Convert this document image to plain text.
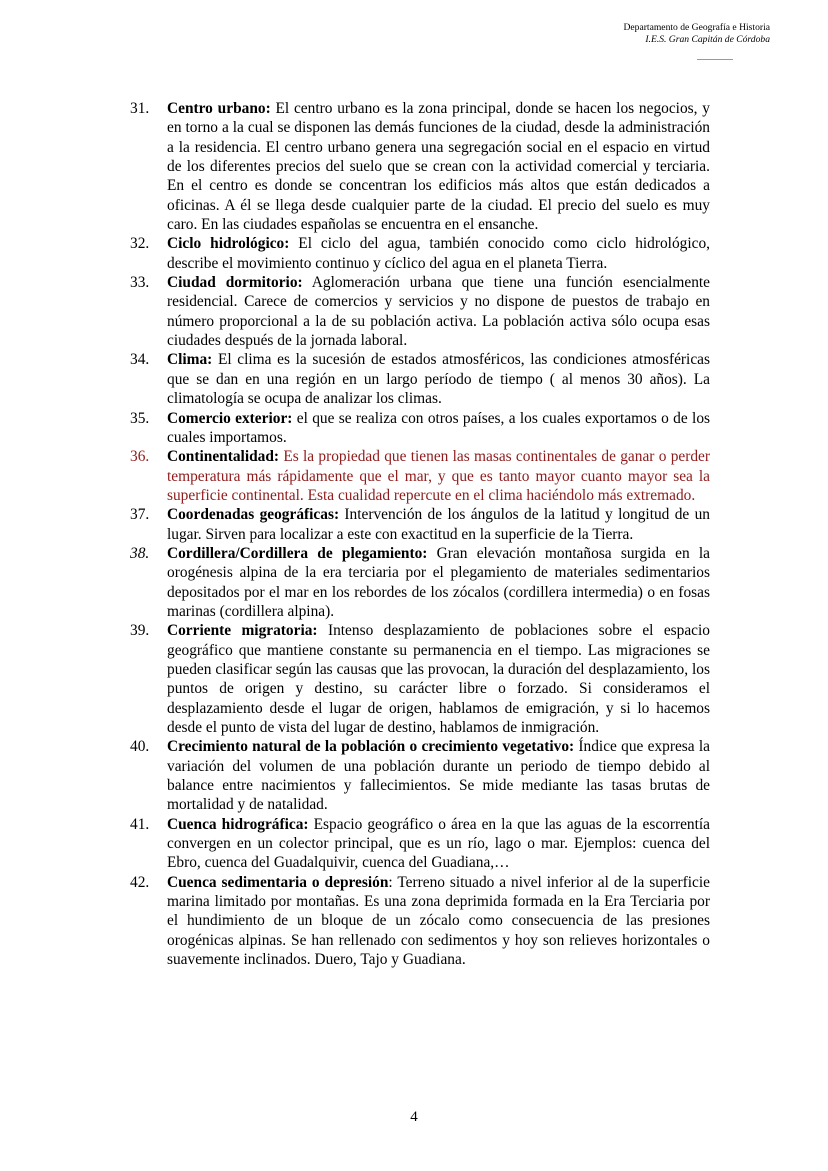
Departamento de Geografía e Historia
I.E.S. Gran Capitán de Córdoba
31.	Centro urbano: El centro urbano es la zona principal, donde se hacen los negocios, y en torno a la cual se disponen las demás funciones de la ciudad, desde la administración a la residencia. El centro urbano genera una segregación social en el espacio en virtud de los diferentes precios del suelo que se crean con la actividad comercial y terciaria. En el centro es donde se concentran los edificios más altos que están dedicados a oficinas. A él se llega desde cualquier parte de la ciudad. El precio del suelo es muy caro. En las ciudades españolas se encuentra en el ensanche.
32.	Ciclo hidrológico: El ciclo del agua, también conocido como ciclo hidrológico, describe el movimiento continuo y cíclico del agua en el planeta Tierra.
33.	Ciudad dormitorio: Aglomeración urbana que tiene una función esencialmente residencial. Carece de comercios y servicios y no dispone de puestos de trabajo en número proporcional a la de su población activa. La población activa sólo ocupa esas ciudades después de la jornada laboral.
34.	Clima: El clima es la sucesión de estados atmosféricos, las condiciones atmosféricas que se dan en una región en un largo período de tiempo ( al menos 30 años). La climatología se ocupa de analizar los climas.
35.	Comercio exterior: el que se realiza con otros países, a los cuales exportamos o de los cuales importamos.
36.	Continentalidad: Es la propiedad que tienen las masas continentales de ganar o perder temperatura más rápidamente que el mar, y que es tanto mayor cuanto mayor sea la superficie continental. Esta cualidad repercute en el clima haciéndolo más extremado.
37.	Coordenadas geográficas: Intervención de los ángulos de la latitud y longitud de un lugar. Sirven para localizar a este con exactitud en la superficie de la Tierra.
38.	Cordillera/Cordillera de plegamiento: Gran elevación montañosa surgida en la orogénesis alpina de la era terciaria por el plegamiento de materiales sedimentarios depositados por el mar en los rebordes de los zócalos (cordillera intermedia) o en fosas marinas (cordillera alpina).
39.	Corriente migratoria: Intenso desplazamiento de poblaciones sobre el espacio geográfico que mantiene constante su permanencia en el tiempo. Las migraciones se pueden clasificar según las causas que las provocan, la duración del desplazamiento, los puntos de origen y destino, su carácter libre o forzado. Si consideramos el desplazamiento desde el lugar de origen, hablamos de emigración, y si lo hacemos desde el punto de vista del lugar de destino, hablamos de inmigración.
40.	Crecimiento natural de la población o crecimiento vegetativo: Índice que expresa la variación del volumen de una población durante un periodo de tiempo debido al balance entre nacimientos y fallecimientos. Se mide mediante las tasas brutas de mortalidad y de natalidad.
41.	Cuenca hidrográfica: Espacio geográfico o área en la que las aguas de la escorrentía convergen en un colector principal, que es un río, lago o mar. Ejemplos: cuenca del Ebro, cuenca del Guadalquivir, cuenca del Guadiana,…
42.	Cuenca sedimentaria o depresión: Terreno situado a nivel inferior al de la superficie marina limitado por montañas. Es una zona deprimida formada en la Era Terciaria por el hundimiento de un bloque de un zócalo como consecuencia de las presiones orogénicas alpinas. Se han rellenado con sedimentos y hoy son relieves horizontales o suavemente inclinados. Duero, Tajo y Guadiana.
4
